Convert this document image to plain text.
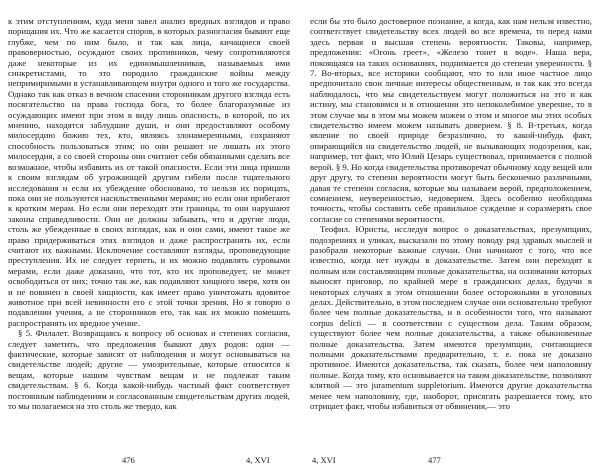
к этим отступлениям, куда меня завел анализ вредных взглядов и право порицания их. Что же касается споров, в которых разногласия бывают еще глубже, чем по ним было, и так как лица, кичащиеся своей правоверностью, осуждают своих противников, чему сопротивляются даже некоторые из их единомышленников, называемых ими синкретистами, то это породило гражданские войны между непримиримыми в устанавливающем внутри одного и того же государства. Однако так как отказ в вечном спасении сторонникам другого взгляда есть посягательство на права господа бога, то более благоразумные из осуждающих имеют при этом в виду лишь опасность, в которой, по их мнению, находятся заблудшие души, и они предоставляют особому милосердию божию тех, кто, являясь злонамеренными, сохраняют способность пользоваться этим; но они решают не лишать их этого милосердия, а со своей стороны они считают себя обязанными сделать все возможное, чтобы избавить их от такой опасности. Если эти лица пришли к своим взглядам об угрожающей другим гибели после тщательного исследования и если их убеждение обосновано, то нельзя их порицать, пока они не пользуются насильственными мерами; но если они прибегают к кротким мерам. Но если они переходят эти границы, то они нарушают законы справедливости. Они не должны забывать, что и другие люди, столь же убежденные в своих взглядах, как и они сами, имеют такое же право придерживаться этих взглядов и даже распространять их, если считают их важными. Исключение составляют взгляды, проповедующие преступления. Их не следует терпеть, и их можно подавлять суровыми мерами, если даже доказано, что тот, кто их проповедует, не может освободиться от них; точно так же, как подавляют хищного зверя, хотя он и не повинен в своей хищности, как имеет право уничтожать ядовитое животное при всей невинности его с этой точки зрения. Но я говорю о подавлении учения, а не сторонников его, так как их можно помешать распространять их вредное учение.

§ 5. Филалет. Возвращаясь к вопросу об основах и степенях согласия, следует заметить, что предложения бывают двух родов: одни — фактические, которые зависят от наблюдения и могут основываться на свидетельстве людей; другие — умозрительные, которые относятся к вещам, которые нашим чувствам вещам и не подлежат таким свидетельствам. § 6. Когда какой-нибудь частный факт соответствует постоянным наблюдениям и согласованным свидетельствам других людей, то мы полагаемся на это столь же твердо, как

476	4, XVI

если бы это было достоверное познание, а когда, как нам нельзя известно, соответствует свидетельству всех людей во все времена, то перед нами здесь первая и высшая степень вероятности. Таковы, например, предложения: «Огонь греет», «Железо тонет в воде». Наша вера, покоящаяся на таких основаниях, поднимается до степени уверенности. § 7. Во-вторых, все историки сообщают, что то или иное частное лицо предпочитало свои личные интересы общественным, и так как это всегда наблюдалось, что мы свидетельствуем могут положиться на это и как истину, мы становимся и в отношении это непоколебимое уверение, то в этом случае мы в этом мы можем можем о этом и многое мы этих особых свидетельство имеем можем называть доверием. § 8. В-третьях, когда явление по своей природе безразлично, то какой-нибудь факт, опирающийся на свидетельство людей, не вызывающих подозрения, как, например, тот факт, что Юлий Цезарь существовал, принимается с полной верой. § 9. Но когда свидетельства противоречат обычному ходу вещей или друг другу, то степени вероятности могут быть бесконечно различными, давая те степени согласия, которые мы называем верой, предположением, сомнением, неуверенностью, недоверием. Здесь особенно необходима точность, чтобы составить себе правильное суждение и соразмерять свое согласие со степенями вероятности.

Теофил. Юристы, исследуя вопрос о доказательствах, презумпциях, подозрениях и уликах, высказали по этому поводу ряд здравых мыслей и разобрали некоторые важные случаи. Они начинают с того, что все известно, когда нет нужды в доказательстве. Затем они переходят к полным или составляющим полные доказательства, на основании которых выносят приговор, по крайней мере в гражданских делах, будучи в некоторых случаях в этом отношении более осторожными в уголовных делах. Действительно, в этом последнем случае они основательно требуют более чем полные доказательства, и в особенности того, что называют corpus delicti — в соответствии с существом дела. Таким образом, существуют более чем полные доказательства, а также обыкновенные полные доказательства. Затем имеются презумпции, считающиеся полными доказательствами предварительно, т. е. пока не доказано противное. Имеются доказательства, так сказать, более чем наполовину полные. Когда тому, кто основывается на таком доказательстве, позволяют клятвой — это juramentum suppletorium. Имеются другие доказательства менее чем наполовину, где, наоборот, присягать разрешается тому, кто отрицает факт, чтобы избавиться от обвинения,— это

4, XVI	477
